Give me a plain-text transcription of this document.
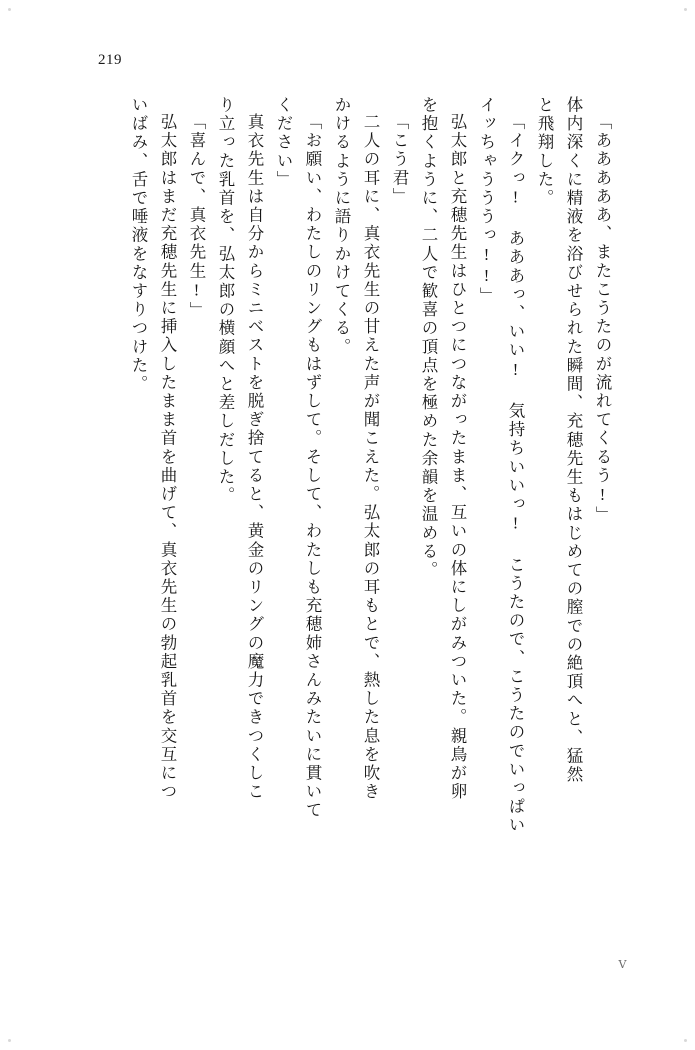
219
「あああああ、またこうたのが流れてくるう!」
体内深くに精液を浴びせられた瞬間、充穂先生もはじめての膣での絶頂へと、猛然
と飛翔した。
「イクっ! あああっ、いい! 気持ちいいっ! こうたので、こうたのでいっぱい
イッちゃうううっ!!」
弘太郎と充穂先生はひとつにつながったまま、互いの体にしがみついた。親鳥が卵
を抱くように、二人で歓喜の頂点を極めた余韻を温める。
「こう君」
二人の耳に、真衣先生の甘えた声が聞こえた。弘太郎の耳もとで、熱した息を吹き
かけるように語りかけてくる。
「お願い、わたしのリングもはずして。そして、わたしも充穂姉さんみたいに貫いて
ください」
真衣先生は自分からミニベストを脱ぎ捨てると、黄金のリングの魔力できつくしこ
り立った乳首を、弘太郎の横顔へと差しだした。
「喜んで、真衣先生!」
弘太郎はまだ充穂先生に挿入したまま首を曲げて、真衣先生の勃起乳首を交互につ
いばみ、舌で唾液をなすりつけた。
Ⅴ
